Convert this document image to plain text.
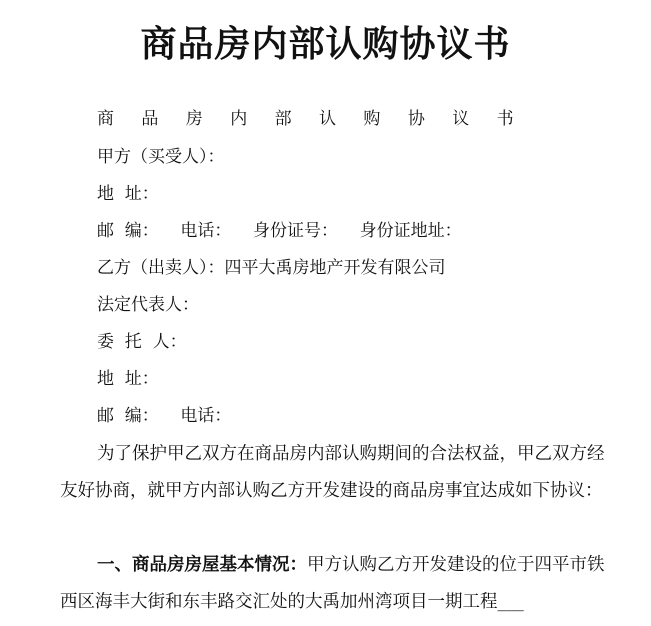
商品房内部认购协议书
商 品 房 内 部 认 购 协 议 书
甲方（买受人）：
地  址：
邮  编：    电话：    身份证号：    身份证地址：
乙方（出卖人）：四平大禹房地产开发有限公司
法定代表人：
委  托  人：
地  址：
邮  编：    电话：
为了保护甲乙双方在商品房内部认购期间的合法权益，甲乙双方经友好协商，就甲方内部认购乙方开发建设的商品房事宜达成如下协议：
一、商品房房屋基本情况：甲方认购乙方开发建设的位于四平市铁西区海丰大街和东丰路交汇处的大禹加州湾项目一期工程___
